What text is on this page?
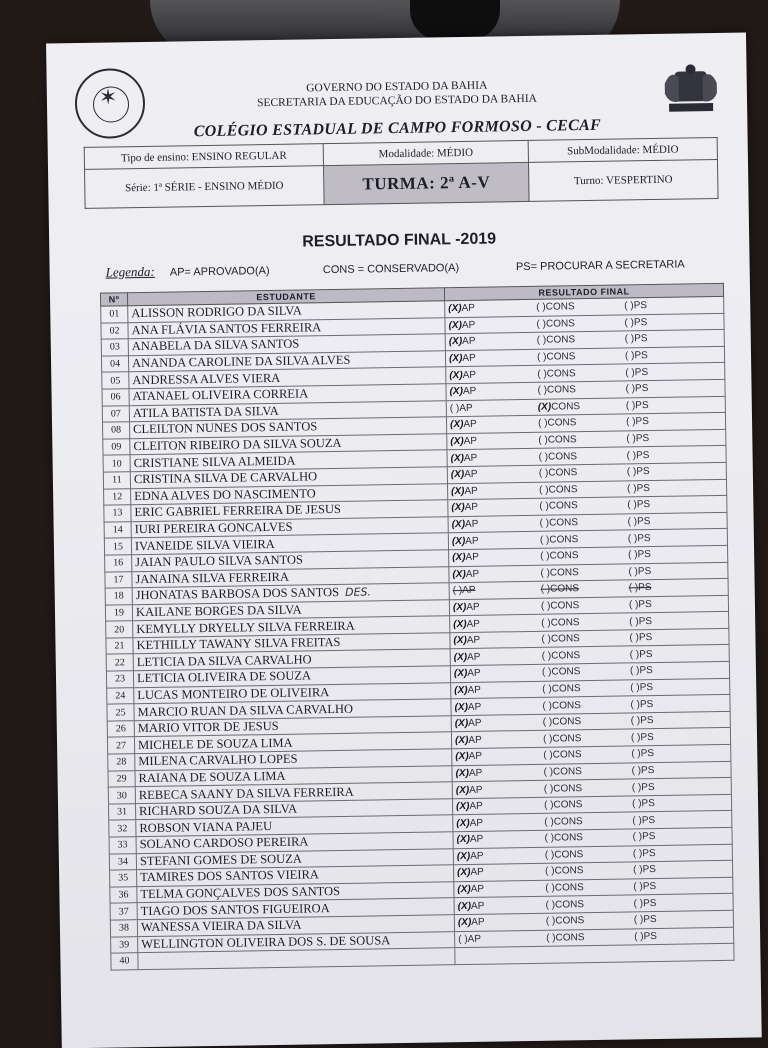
✶	GOVERNO DO ESTADO DA BAHIA
SECRETARIA DA EDUCAÇÃO DO ESTADO DA BAHIA
COLÉGIO ESTADUAL DE CAMPO FORMOSO - CECAF
Tipo de ensino: ENSINO REGULAR	Modalidade: MÉDIO	SubModalidade: MÉDIO
Série: 1ª SÉRIE - ENSINO MÉDIO	TURMA: 2ª A-V	Turno: VESPERTINO
RESULTADO FINAL -2019
Legenda: AP= APROVADO(A)	CONS = CONSERVADO(A)	PS= PROCURAR A SECRETARIA
Nº	ESTUDANTE	RESULTADO FINAL
01	ALISSON RODRIGO DA SILVA	(X)AP ( )CONS ( )PS
02	ANA FLÁVIA SANTOS FERREIRA	(X)AP ( )CONS ( )PS
03	ANABELA DA SILVA SANTOS	(X)AP ( )CONS ( )PS
04	ANANDA CAROLINE DA SILVA ALVES	(X)AP ( )CONS ( )PS
05	ANDRESSA ALVES VIERA	(X)AP ( )CONS ( )PS
06	ATANAEL OLIVEIRA CORREIA	(X)AP ( )CONS ( )PS
07	ATILA BATISTA DA SILVA	( )AP (X)CONS ( )PS
08	CLEILTON NUNES DOS SANTOS	(X)AP ( )CONS ( )PS
09	CLEITON RIBEIRO DA SILVA SOUZA	(X)AP ( )CONS ( )PS
10	CRISTIANE SILVA ALMEIDA	(X)AP ( )CONS ( )PS
11	CRISTINA SILVA DE CARVALHO	(X)AP ( )CONS ( )PS
12	EDNA ALVES DO NASCIMENTO	(X)AP ( )CONS ( )PS
13	ERIC GABRIEL FERREIRA DE JESUS	(X)AP ( )CONS ( )PS
14	IURI PEREIRA GONCALVES	(X)AP ( )CONS ( )PS
15	IVANEIDE SILVA VIEIRA	(X)AP ( )CONS ( )PS
16	JAIAN PAULO SILVA SANTOS	(X)AP ( )CONS ( )PS
17	JANAINA SILVA FERREIRA	(X)AP ( )CONS ( )PS
18	JHONATAS BARBOSA DOS SANTOS DES.	( )AP ( )CONS ( )PS
19	KAILANE BORGES DA SILVA	(X)AP ( )CONS ( )PS
20	KEMYLLY DRYELLY SILVA FERREIRA	(X)AP ( )CONS ( )PS
21	KETHILLY TAWANY SILVA FREITAS	(X)AP ( )CONS ( )PS
22	LETICIA DA SILVA CARVALHO	(X)AP ( )CONS ( )PS
23	LETICIA OLIVEIRA DE SOUZA	(X)AP ( )CONS ( )PS
24	LUCAS MONTEIRO DE OLIVEIRA	(X)AP ( )CONS ( )PS
25	MARCIO RUAN DA SILVA CARVALHO	(X)AP ( )CONS ( )PS
26	MARIO VITOR DE JESUS	(X)AP ( )CONS ( )PS
27	MICHELE DE SOUZA LIMA	(X)AP ( )CONS ( )PS
28	MILENA CARVALHO LOPES	(X)AP ( )CONS ( )PS
29	RAIANA DE SOUZA LIMA	(X)AP ( )CONS ( )PS
30	REBECA SAANY DA SILVA FERREIRA	(X)AP ( )CONS ( )PS
31	RICHARD SOUZA DA SILVA	(X)AP ( )CONS ( )PS
32	ROBSON VIANA PAJEU	(X)AP ( )CONS ( )PS
33	SOLANO CARDOSO PEREIRA	(X)AP ( )CONS ( )PS
34	STEFANI GOMES DE SOUZA	(X)AP ( )CONS ( )PS
35	TAMIRES DOS SANTOS VIEIRA	(X)AP ( )CONS ( )PS
36	TELMA GONÇALVES DOS SANTOS	(X)AP ( )CONS ( )PS
37	TIAGO DOS SANTOS FIGUEIROA	(X)AP ( )CONS ( )PS
38	WANESSA VIEIRA DA SILVA	(X)AP ( )CONS ( )PS
39	WELLINGTON OLIVEIRA DOS S. DE SOUSA	( )AP ( )CONS ( )PS
40		
